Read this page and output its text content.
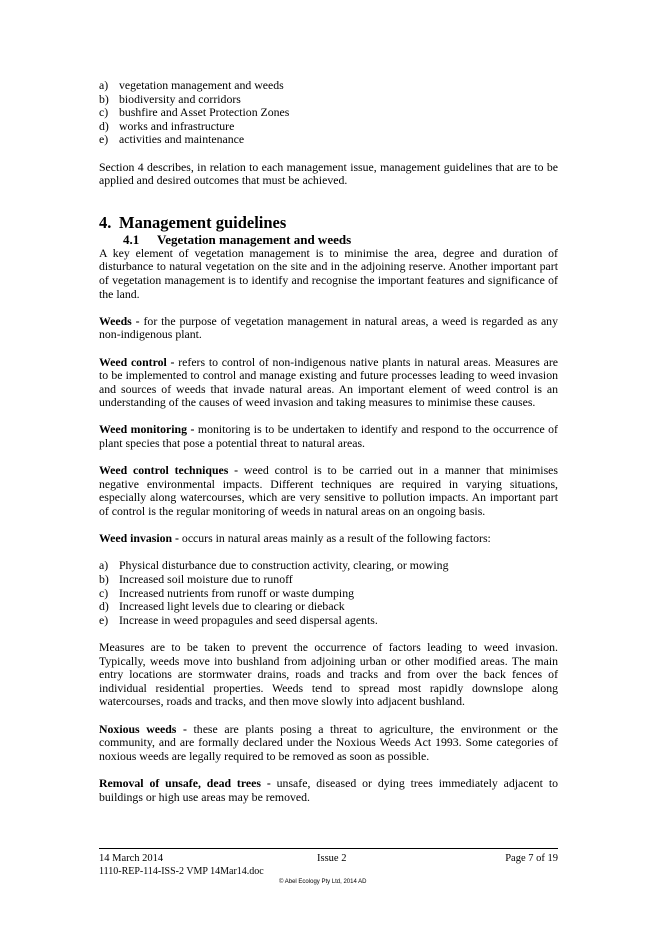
a) vegetation management and weeds
b) biodiversity and corridors
c) bushfire and Asset Protection Zones
d) works and infrastructure
e) activities and maintenance

Section 4 describes, in relation to each management issue, management guidelines that are to be applied and desired outcomes that must be achieved.

4. Management guidelines
4.1 Vegetation management and weeds

A key element of vegetation management is to minimise the area, degree and duration of disturbance to natural vegetation on the site and in the adjoining reserve. Another important part of vegetation management is to identify and recognise the important features and significance of the land.

Weeds - for the purpose of vegetation management in natural areas, a weed is regarded as any non-indigenous plant.

Weed control - refers to control of non-indigenous native plants in natural areas. Measures are to be implemented to control and manage existing and future processes leading to weed invasion and sources of weeds that invade natural areas. An important element of weed control is an understanding of the causes of weed invasion and taking measures to minimise these causes.

Weed monitoring - monitoring is to be undertaken to identify and respond to the occurrence of plant species that pose a potential threat to natural areas.

Weed control techniques - weed control is to be carried out in a manner that minimises negative environmental impacts. Different techniques are required in varying situations, especially along watercourses, which are very sensitive to pollution impacts. An important part of control is the regular monitoring of weeds in natural areas on an ongoing basis.

Weed invasion - occurs in natural areas mainly as a result of the following factors:

a) Physical disturbance due to construction activity, clearing, or mowing
b) Increased soil moisture due to runoff
c) Increased nutrients from runoff or waste dumping
d) Increased light levels due to clearing or dieback
e) Increase in weed propagules and seed dispersal agents.

Measures are to be taken to prevent the occurrence of factors leading to weed invasion. Typically, weeds move into bushland from adjoining urban or other modified areas. The main entry locations are stormwater drains, roads and tracks and from over the back fences of individual residential properties. Weeds tend to spread most rapidly downslope along watercourses, roads and tracks, and then move slowly into adjacent bushland.

Noxious weeds - these are plants posing a threat to agriculture, the environment or the community, and are formally declared under the Noxious Weeds Act 1993. Some categories of noxious weeds are legally required to be removed as soon as possible.

Removal of unsafe, dead trees - unsafe, diseased or dying trees immediately adjacent to buildings or high use areas may be removed.

14 March 2014	Issue 2	Page 7 of 19
1110-REP-114-ISS-2 VMP 14Mar14.doc
© Abel Ecology Pty Ltd, 2014 AD
